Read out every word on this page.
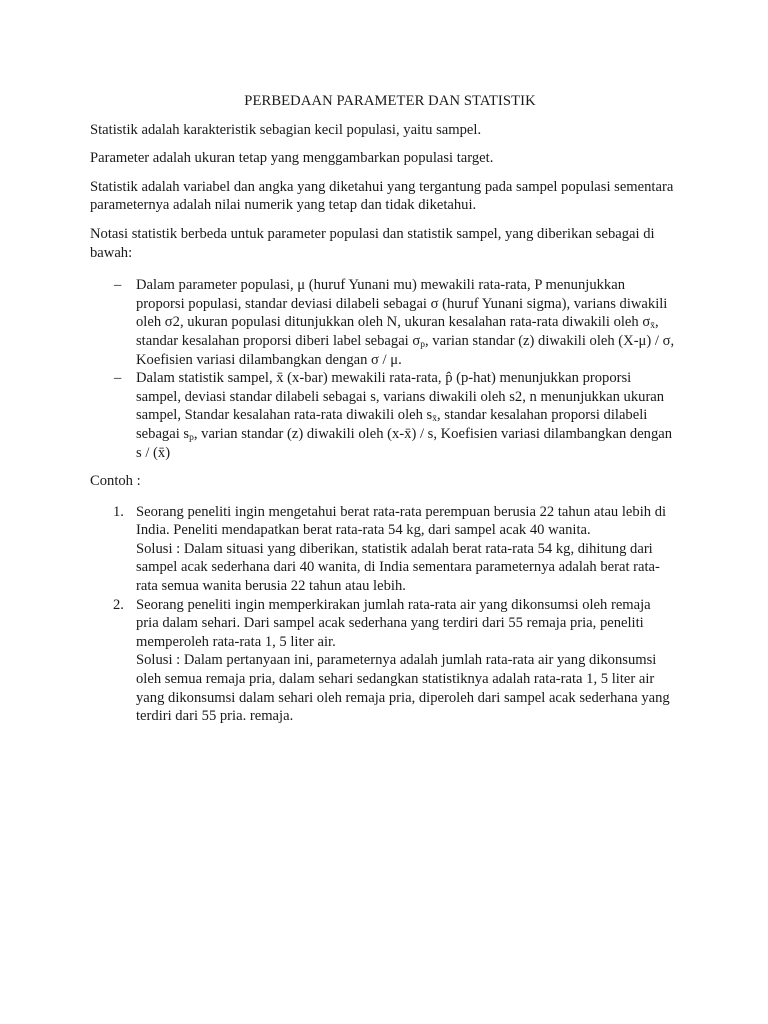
PERBEDAAN PARAMETER DAN STATISTIK

Statistik adalah karakteristik sebagian kecil populasi, yaitu sampel.

Parameter adalah ukuran tetap yang menggambarkan populasi target.

Statistik adalah variabel dan angka yang diketahui yang tergantung pada sampel populasi sementara parameternya adalah nilai numerik yang tetap dan tidak diketahui.

Notasi statistik berbeda untuk parameter populasi dan statistik sampel, yang diberikan sebagai di bawah:

– Dalam parameter populasi, μ (huruf Yunani mu) mewakili rata-rata, P menunjukkan proporsi populasi, standar deviasi dilabeli sebagai σ (huruf Yunani sigma), varians diwakili oleh σ2, ukuran populasi ditunjukkan oleh N, ukuran kesalahan rata-rata diwakili oleh $\sigma_{x̄}$, standar kesalahan proporsi diberi label sebagai $\sigma_p$, varian standar (z) diwakili oleh (X-μ) / σ, Koefisien variasi dilambangkan dengan σ / μ.
– Dalam statistik sampel, x̄ (x-bar) mewakili rata-rata, p̂ (p-hat) menunjukkan proporsi sampel, deviasi standar dilabeli sebagai s, varians diwakili oleh s2, n menunjukkan ukuran sampel, Standar kesalahan rata-rata diwakili oleh $s_{x̄}$, standar kesalahan proporsi dilabeli sebagai $s_p$, varian standar (z) diwakili oleh (x-x̄) / s, Koefisien variasi dilambangkan dengan s / (x̄)

Contoh :

1. Seorang peneliti ingin mengetahui berat rata-rata perempuan berusia 22 tahun atau lebih di India. Peneliti mendapatkan berat rata-rata 54 kg, dari sampel acak 40 wanita.
Solusi : Dalam situasi yang diberikan, statistik adalah berat rata-rata 54 kg, dihitung dari sampel acak sederhana dari 40 wanita, di India sementara parameternya adalah berat rata-rata semua wanita berusia 22 tahun atau lebih.
2. Seorang peneliti ingin memperkirakan jumlah rata-rata air yang dikonsumsi oleh remaja pria dalam sehari. Dari sampel acak sederhana yang terdiri dari 55 remaja pria, peneliti memperoleh rata-rata 1, 5 liter air.
Solusi : Dalam pertanyaan ini, parameternya adalah jumlah rata-rata air yang dikonsumsi oleh semua remaja pria, dalam sehari sedangkan statistiknya adalah rata-rata 1, 5 liter air yang dikonsumsi dalam sehari oleh remaja pria, diperoleh dari sampel acak sederhana yang terdiri dari 55 pria. remaja.
